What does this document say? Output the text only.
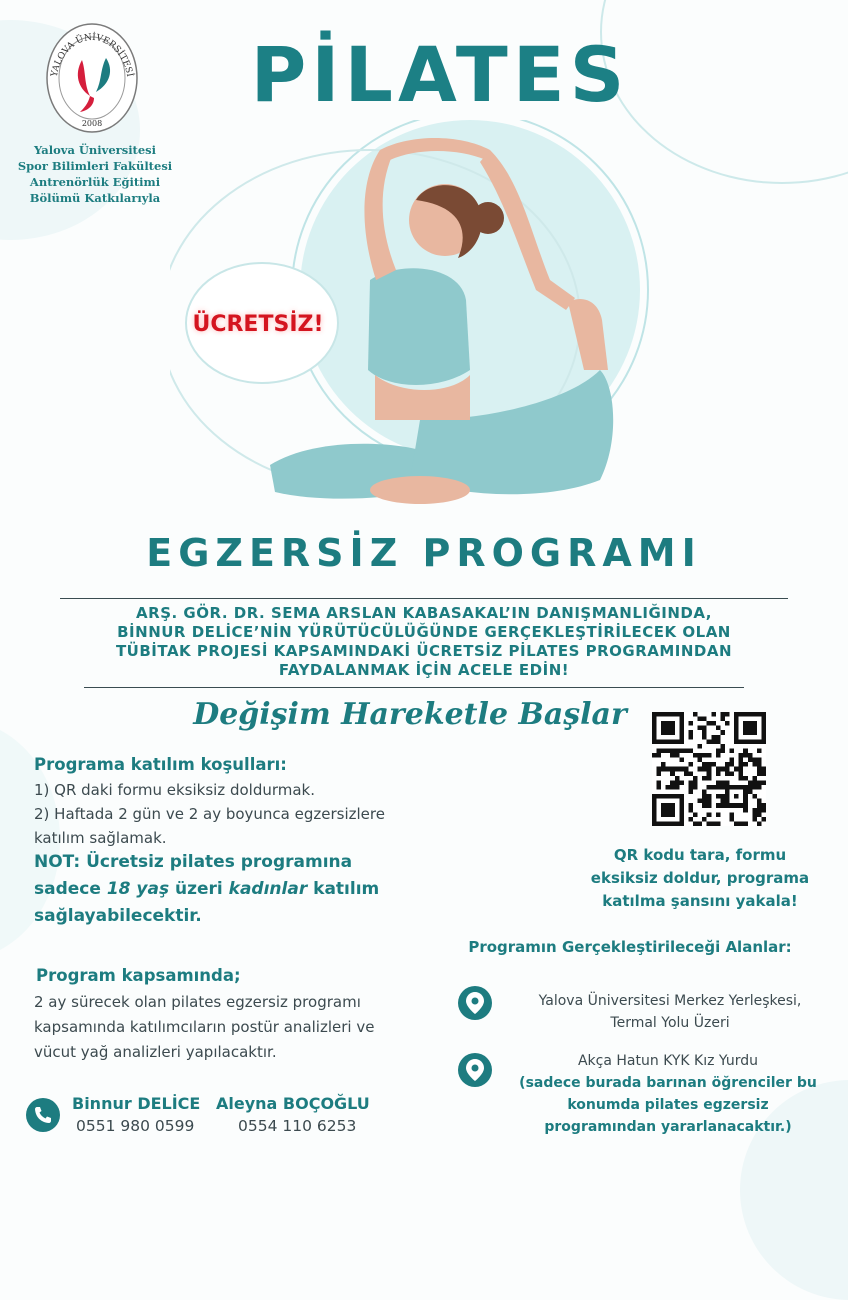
YALOVA ÜNİVERSİTESİ
2008
Yalova Üniversitesi
Spor Bilimleri Fakültesi
Antrenörlük Eğitimi
Bölümü Katkılarıyla
PİLATES
ÜCRETSİZ!
EGZERSİZ PROGRAMI
ARŞ. GÖR. DR. SEMA ARSLAN KABASAKAL’IN DANIŞMANLIĞINDA,
BİNNUR DELİCE’NİN YÜRÜTÜCÜLÜĞÜNDE GERÇEKLEŞTİRİLECEK OLAN
TÜBİTAK PROJESİ KAPSAMINDAKİ ÜCRETSİZ PİLATES PROGRAMINDAN
FAYDALANMAK İÇİN ACELE EDİN!
Değişim Hareketle Başlar
QR kodu tara, formu
eksiksiz doldur, programa
katılma şansını yakala!
Programa katılım koşulları:
1) QR daki formu eksiksiz doldurmak.
2) Haftada 2 gün ve 2 ay boyunca egzersizlere
katılım sağlamak.
NOT: Ücretsiz pilates programına
sadece 18 yaş üzeri kadınlar katılım
sağlayabilecektir.
Program kapsamında;
2 ay sürecek olan pilates egzersiz programı
kapsamında katılımcıların postür analizleri ve
vücut yağ analizleri yapılacaktır.
Programın Gerçekleştirileceği Alanlar:
Yalova Üniversitesi Merkez Yerleşkesi,
Termal Yolu Üzeri
Akça Hatun KYK Kız Yurdu
(sadece burada barınan öğrenciler bu
konumda pilates egzersiz
programından yararlanacaktır.)
Binnur DELİCE
0551 980 0599
Aleyna BOÇOĞLU
0554 110 6253
